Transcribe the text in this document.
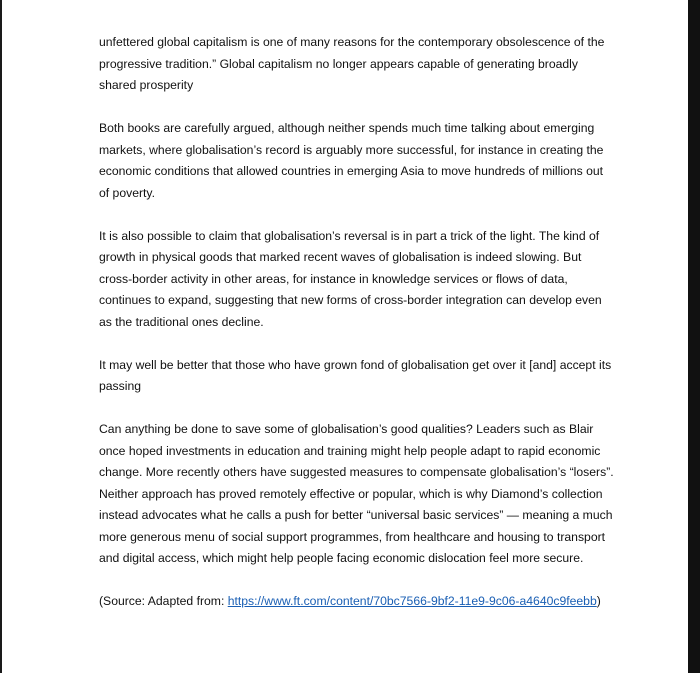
unfettered global capitalism is one of many reasons for the contemporary obsolescence of the progressive tradition.” Global capitalism no longer appears capable of generating broadly shared prosperity

Both books are carefully argued, although neither spends much time talking about emerging markets, where globalisation’s record is arguably more successful, for instance in creating the economic conditions that allowed countries in emerging Asia to move hundreds of millions out of poverty.

It is also possible to claim that globalisation’s reversal is in part a trick of the light. The kind of growth in physical goods that marked recent waves of globalisation is indeed slowing. But cross-border activity in other areas, for instance in knowledge services or flows of data, continues to expand, suggesting that new forms of cross-border integration can develop even as the traditional ones decline.

It may well be better that those who have grown fond of globalisation get over it [and] accept its passing

Can anything be done to save some of globalisation’s good qualities? Leaders such as Blair once hoped investments in education and training might help people adapt to rapid economic change. More recently others have suggested measures to compensate globalisation’s “losers”. Neither approach has proved remotely effective or popular, which is why Diamond’s collection instead advocates what he calls a push for better “universal basic services” — meaning a much more generous menu of social support programmes, from healthcare and housing to transport and digital access, which might help people facing economic dislocation feel more secure.

(Source: Adapted from: https://www.ft.com/content/70bc7566-9bf2-11e9-9c06-a4640c9feebb)
